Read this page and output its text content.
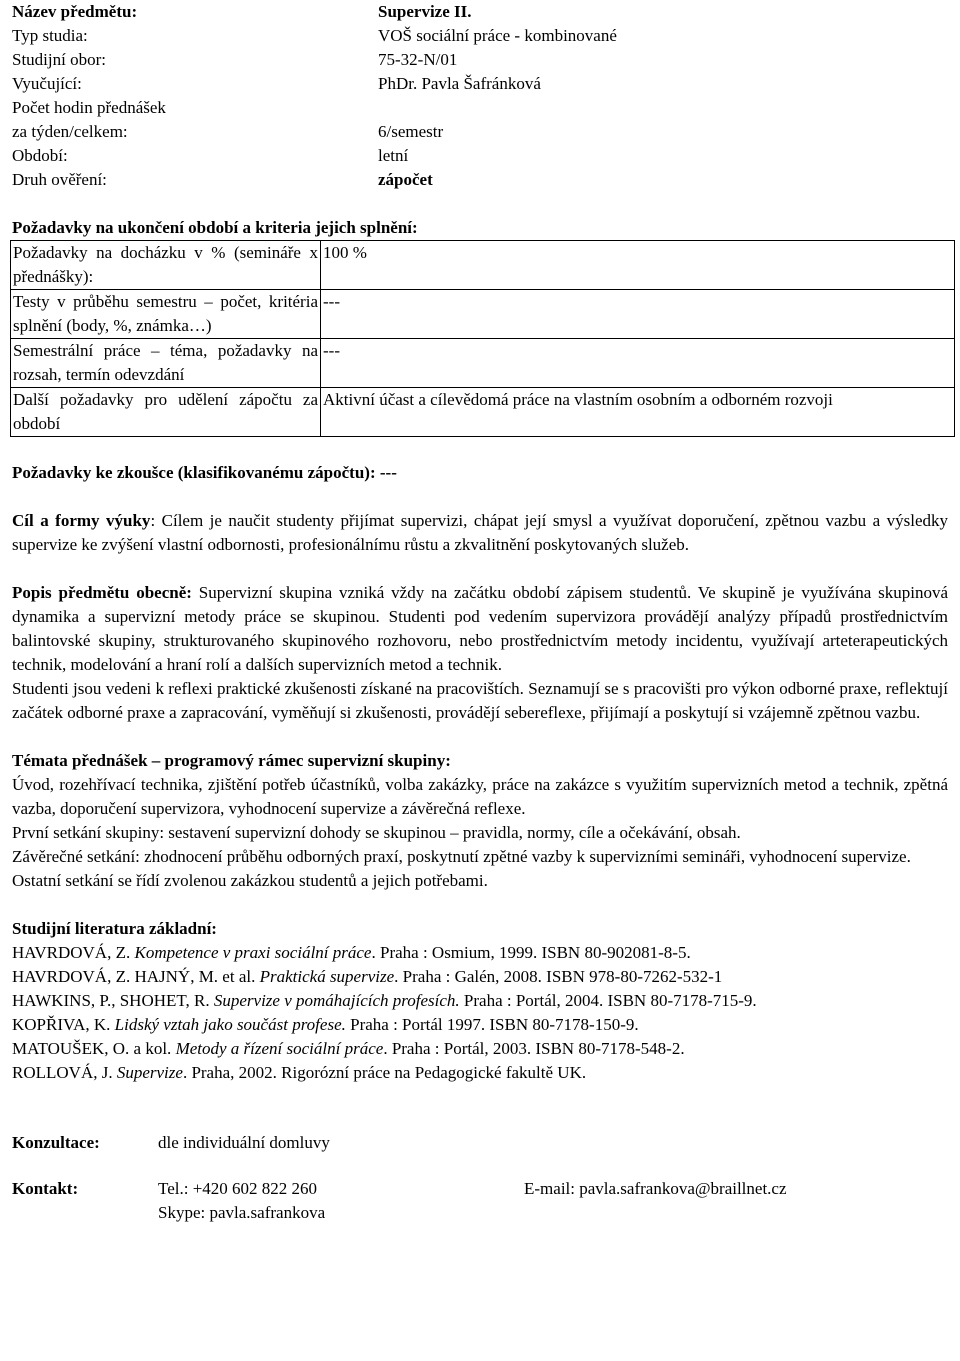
Název předmětu:	Supervize II.
Typ studia:	VOŠ sociální práce - kombinované
Studijní obor:	75-32-N/01
Vyučující:	PhDr. Pavla Šafránková
Počet hodin přednášek
za týden/celkem:	6/semestr
Období:	letní
Druh ověření:	zápočet
Požadavky na ukončení období a kriteria jejich splnění:
Požadavky na docházku v % (semináře x přednášky):	100 %
Testy v průběhu semestru – počet, kritéria splnění (body, %, známka…)	---
Semestrální práce – téma, požadavky na rozsah, termín odevzdání	---
Další požadavky pro udělení zápočtu za období	Aktivní účast a cílevědomá práce na vlastním osobním a odborném rozvoji
Požadavky ke zkoušce (klasifikovanému zápočtu): ---
Cíl a formy výuky: Cílem je naučit studenty přijímat supervizi, chápat její smysl a využívat doporučení, zpětnou vazbu a výsledky supervize ke zvýšení vlastní odbornosti, profesionálnímu růstu a zkvalitnění poskytovaných služeb.
Popis předmětu obecně: Supervizní skupina vzniká vždy na začátku období zápisem studentů. Ve skupině je využívána skupinová dynamika a supervizní metody práce se skupinou. Studenti pod vedením supervizora provádějí analýzy případů prostřednictvím balintovské skupiny, strukturovaného skupinového rozhovoru, nebo prostřednictvím metody incidentu, využívají arteterapeutických technik, modelování a hraní rolí a dalších supervizních metod a technik.
Studenti jsou vedeni k reflexi praktické zkušenosti získané na pracovištích. Seznamují se s pracovišti pro výkon odborné praxe, reflektují začátek odborné praxe a zapracování, vyměňují si zkušenosti, provádějí sebereflexe, přijímají a poskytují si vzájemně zpětnou vazbu.
Témata přednášek – programový rámec supervizní skupiny:
Úvod, rozehřívací technika, zjištění potřeb účastníků, volba zakázky, práce na zakázce s využitím supervizních metod a technik, zpětná vazba, doporučení supervizora, vyhodnocení supervize a závěrečná reflexe.
První setkání skupiny: sestavení supervizní dohody se skupinou – pravidla, normy, cíle a očekávání, obsah.
Závěrečné setkání: zhodnocení průběhu odborných praxí, poskytnutí zpětné vazby k supervizními semináři, vyhodnocení supervize.
Ostatní setkání se řídí zvolenou zakázkou studentů a jejich potřebami.
Studijní literatura základní:
HAVRDOVÁ, Z. Kompetence v praxi sociální práce. Praha : Osmium, 1999. ISBN 80-902081-8-5.
HAVRDOVÁ, Z. HAJNÝ, M. et al. Praktická supervize. Praha : Galén, 2008. ISBN 978-80-7262-532-1
HAWKINS, P., SHOHET, R. Supervize v pomáhajících profesích. Praha : Portál, 2004. ISBN 80-7178-715-9.
KOPŘIVA, K. Lidský vztah jako součást profese. Praha : Portál 1997. ISBN 80-7178-150-9.
MATOUŠEK, O. a kol. Metody a řízení sociální práce. Praha : Portál, 2003. ISBN 80-7178-548-2.
ROLLOVÁ, J. Supervize. Praha, 2002. Rigorózní práce na Pedagogické fakultě UK.
Konzultace:	dle individuální domluvy
Kontakt:	Tel.: +420 602 822 260	E-mail: pavla.safrankova@braillnet.cz
Skype: pavla.safrankova
